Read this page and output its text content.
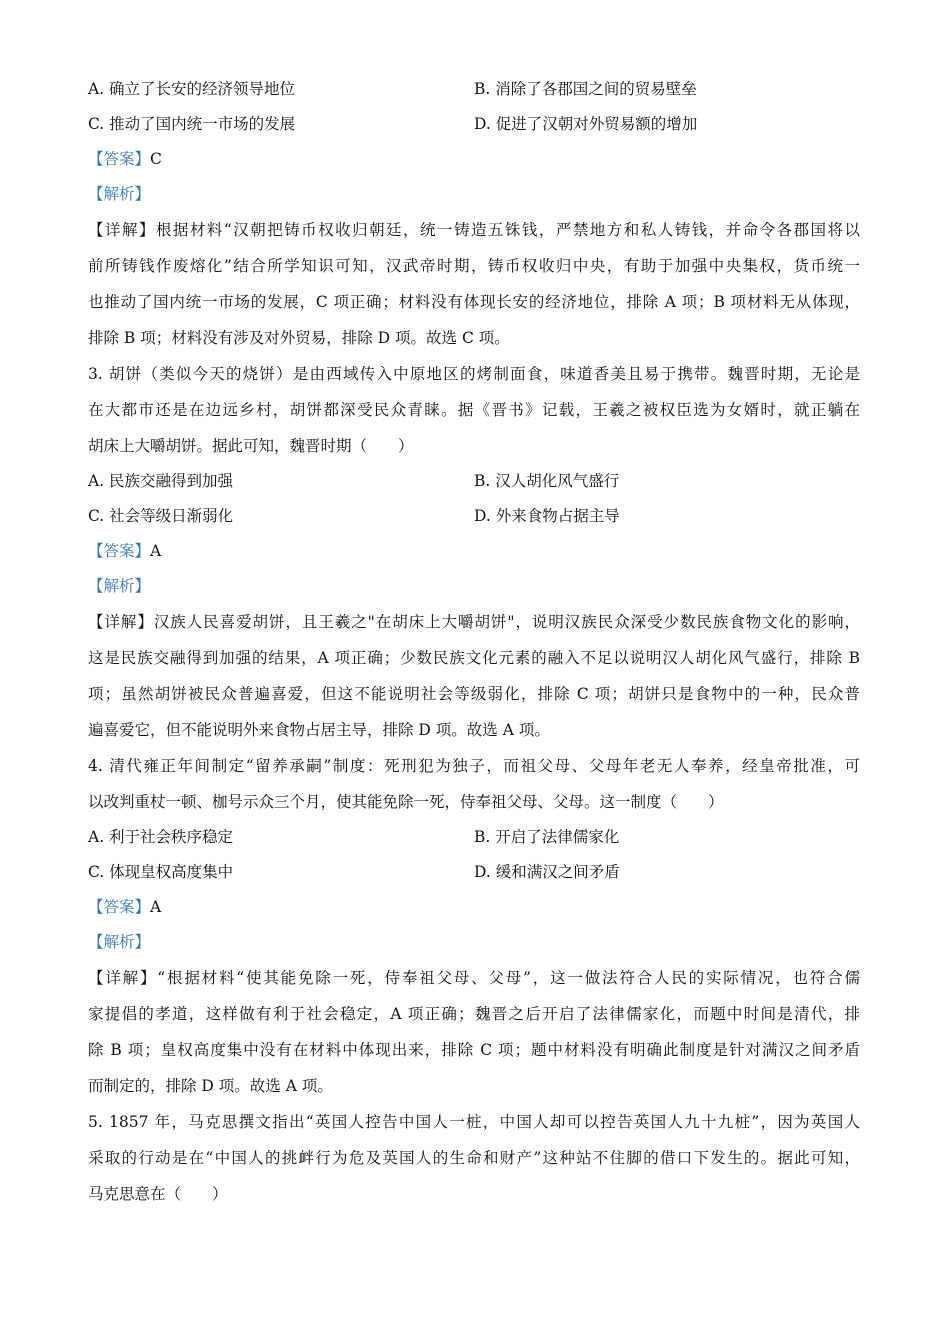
A. 确立了长安的经济领导地位	B. 消除了各郡国之间的贸易壁垒
C. 推动了国内统一市场的发展	D. 促进了汉朝对外贸易额的增加
【答案】C
【解析】
【详解】根据材料“汉朝把铸币权收归朝廷，统一铸造五铢钱，严禁地方和私人铸钱，并命令各郡国将以
前所铸钱作废熔化”结合所学知识可知，汉武帝时期，铸币权收归中央，有助于加强中央集权，货币统一
也推动了国内统一市场的发展，C 项正确；材料没有体现长安的经济地位，排除 A 项；B 项材料无从体现，
排除 B 项；材料没有涉及对外贸易，排除 D 项。故选 C 项。
3. 胡饼（类似今天的烧饼）是由西域传入中原地区的烤制面食，味道香美且易于携带。魏晋时期，无论是
在大都市还是在边远乡村，胡饼都深受民众青睐。据《晋书》记载，王羲之被权臣选为女婿时，就正躺在
胡床上大嚼胡饼。据此可知，魏晋时期（　　）
A. 民族交融得到加强	B. 汉人胡化风气盛行
C. 社会等级日渐弱化	D. 外来食物占据主导
【答案】A
【解析】
【详解】汉族人民喜爱胡饼，且王羲之"在胡床上大嚼胡饼"，说明汉族民众深受少数民族食物文化的影响，
这是民族交融得到加强的结果，A 项正确；少数民族文化元素的融入不足以说明汉人胡化风气盛行，排除 B
项；虽然胡饼被民众普遍喜爱，但这不能说明社会等级弱化，排除 C 项；胡饼只是食物中的一种，民众普
遍喜爱它，但不能说明外来食物占居主导，排除 D 项。故选 A 项。
4. 清代雍正年间制定“留养承嗣”制度：死刑犯为独子，而祖父母、父母年老无人奉养，经皇帝批准，可
以改判重杖一顿、枷号示众三个月，使其能免除一死，侍奉祖父母、父母。这一制度（　　）
A. 利于社会秩序稳定	B. 开启了法律儒家化
C. 体现皇权高度集中	D. 缓和满汉之间矛盾
【答案】A
【解析】
【详解】“根据材料“使其能免除一死，侍奉祖父母、父母”，这一做法符合人民的实际情况，也符合儒
家提倡的孝道，这样做有利于社会稳定，A 项正确；魏晋之后开启了法律儒家化，而题中时间是清代，排
除 B 项；皇权高度集中没有在材料中体现出来，排除 C 项；题中材料没有明确此制度是针对满汉之间矛盾
而制定的，排除 D 项。故选 A 项。
5. 1857 年，马克思撰文指出“英国人控告中国人一桩，中国人却可以控告英国人九十九桩”，因为英国人
采取的行动是在“中国人的挑衅行为危及英国人的生命和财产”这种站不住脚的借口下发生的。据此可知，
马克思意在（　　）
